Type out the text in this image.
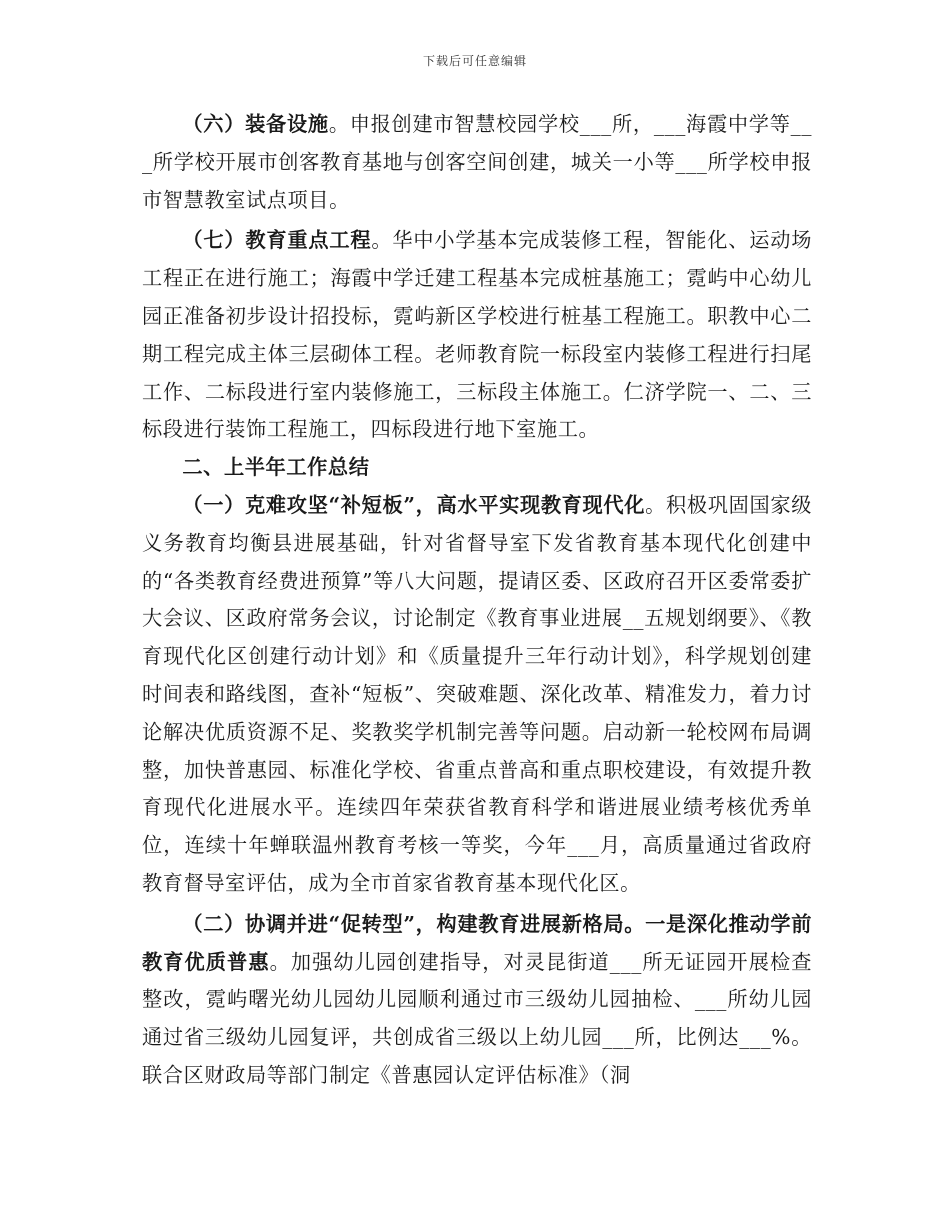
下载后可任意编辑

（六）装备设施。申报创建市智慧校园学校___所，___海霞中学等___所学校开展市创客教育基地与创客空间创建，城关一小等___所学校申报市智慧教室试点项目。

（七）教育重点工程。华中小学基本完成装修工程，智能化、运动场工程正在进行施工；海霞中学迁建工程基本完成桩基施工；霓屿中心幼儿园正准备初步设计招投标，霓屿新区学校进行桩基工程施工。职教中心二期工程完成主体三层砌体工程。老师教育院一标段室内装修工程进行扫尾工作、二标段进行室内装修施工，三标段主体施工。仁济学院一、二、三标段进行装饰工程施工，四标段进行地下室施工。

二、上半年工作总结

（一）克难攻坚“补短板”，高水平实现教育现代化。积极巩固国家级义务教育均衡县进展基础，针对省督导室下发省教育基本现代化创建中的“各类教育经费进预算”等八大问题，提请区委、区政府召开区委常委扩大会议、区政府常务会议，讨论制定《教育事业进展__五规划纲要》、《教育现代化区创建行动计划》和《质量提升三年行动计划》，科学规划创建时间表和路线图，查补“短板”、突破难题、深化改革、精准发力，着力讨论解决优质资源不足、奖教奖学机制完善等问题。启动新一轮校网布局调整，加快普惠园、标准化学校、省重点普高和重点职校建设，有效提升教育现代化进展水平。连续四年荣获省教育科学和谐进展业绩考核优秀单位，连续十年蝉联温州教育考核一等奖，今年___月，高质量通过省政府教育督导室评估，成为全市首家省教育基本现代化区。

（二）协调并进“促转型”，构建教育进展新格局。一是深化推动学前教育优质普惠。加强幼儿园创建指导，对灵昆街道___所无证园开展检查整改，霓屿曙光幼儿园幼儿园顺利通过市三级幼儿园抽检、___所幼儿园通过省三级幼儿园复评，共创成省三级以上幼儿园___所，比例达___%。联合区财政局等部门制定《普惠园认定评估标准》（洞
